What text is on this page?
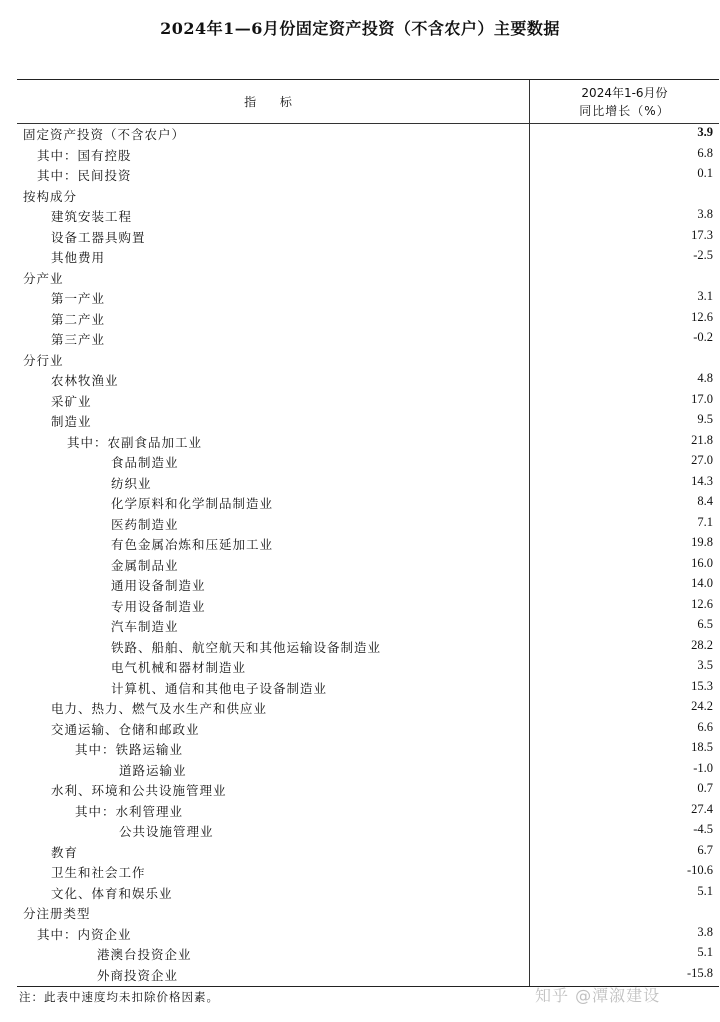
2024年1—6月份固定资产投资（不含农户）主要数据
指 标
2024年1-6月份
同比增长（%）
固定资产投资（不含农户）	3.9
其中：国有控股	6.8
其中：民间投资	0.1
按构成分
建筑安装工程	3.8
设备工器具购置	17.3
其他费用	-2.5
分产业
第一产业	3.1
第二产业	12.6
第三产业	-0.2
分行业
农林牧渔业	4.8
采矿业	17.0
制造业	9.5
其中：农副食品加工业	21.8
食品制造业	27.0
纺织业	14.3
化学原料和化学制品制造业	8.4
医药制造业	7.1
有色金属冶炼和压延加工业	19.8
金属制品业	16.0
通用设备制造业	14.0
专用设备制造业	12.6
汽车制造业	6.5
铁路、船舶、航空航天和其他运输设备制造业	28.2
电气机械和器材制造业	3.5
计算机、通信和其他电子设备制造业	15.3
电力、热力、燃气及水生产和供应业	24.2
交通运输、仓储和邮政业	6.6
其中：铁路运输业	18.5
道路运输业	-1.0
水利、环境和公共设施管理业	0.7
其中：水利管理业	27.4
公共设施管理业	-4.5
教育	6.7
卫生和社会工作	-10.6
文化、体育和娱乐业	5.1
分注册类型
其中：内资企业	3.8
港澳台投资企业	5.1
外商投资企业	-15.8
注：此表中速度均未扣除价格因素。	知乎 @潭溆建设
